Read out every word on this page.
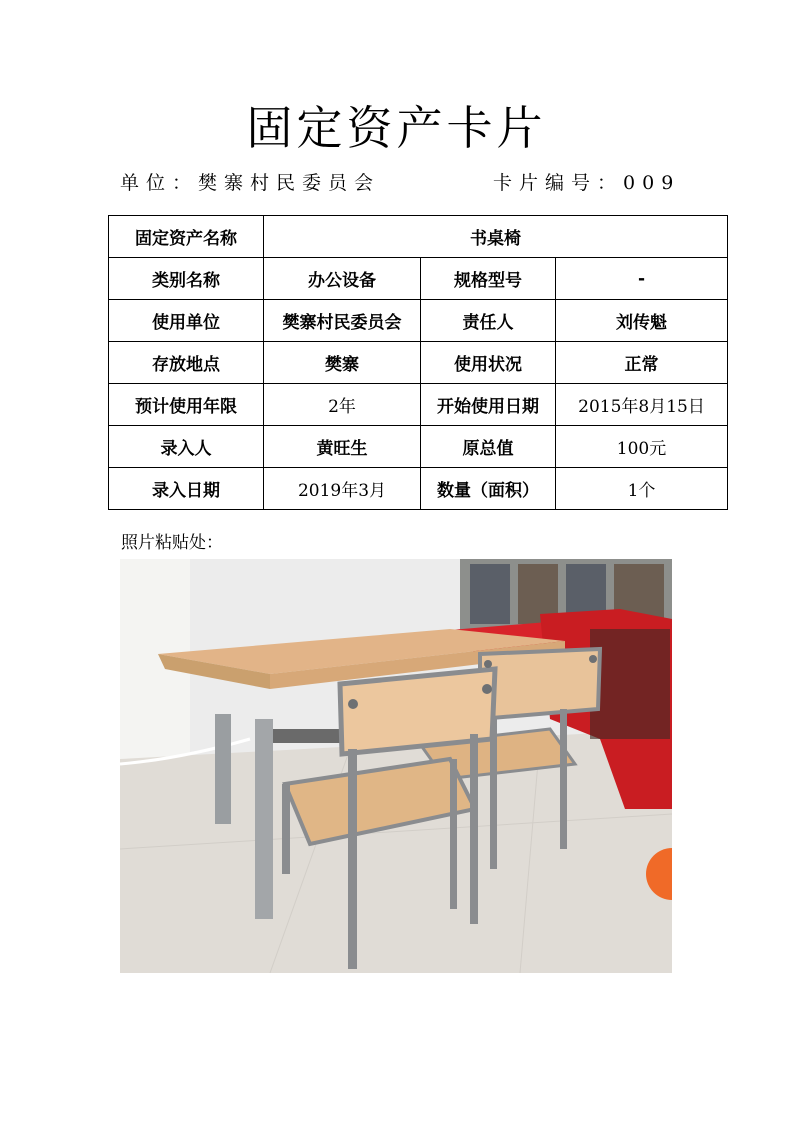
固定资产卡片
单位：樊寨村民委员会	卡片编号：009
固定资产名称	书桌椅		
类别名称	办公设备	规格型号	-
使用单位	樊寨村民委员会	责任人	刘传魁
存放地点	樊寨	使用状况	正常
预计使用年限	2年	开始使用日期	2015年8月15日
录入人	黄旺生	原总值	100元
录入日期	2019年3月	数量（面积）	1个
照片粘贴处：
